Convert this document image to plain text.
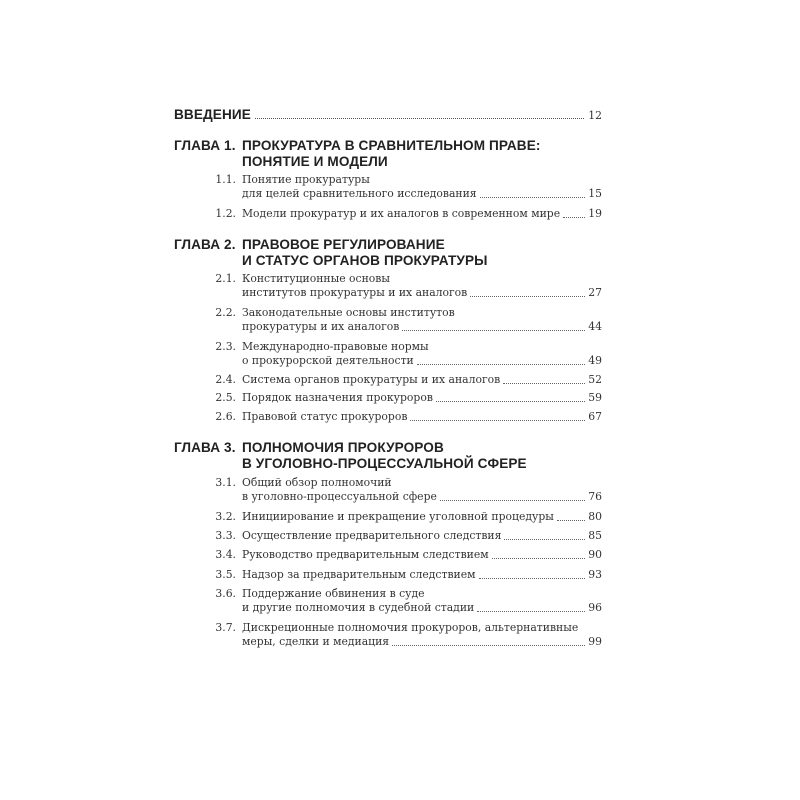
ВВЕДЕНИЕ	12
ГЛАВА 1. ПРОКУРАТУРА В СРАВНИТЕЛЬНОМ ПРАВЕ:
ПОНЯТИЕ И МОДЕЛИ
1.1. Понятие прокуратуры
для целей сравнительного исследования	15
1.2. Модели прокуратур и их аналогов в современном мире	19
ГЛАВА 2. ПРАВОВОЕ РЕГУЛИРОВАНИЕ
И СТАТУС ОРГАНОВ ПРОКУРАТУРЫ
2.1. Конституционные основы
институтов прокуратуры и их аналогов	27
2.2. Законодательные основы институтов
прокуратуры и их аналогов	44
2.3. Международно-правовые нормы
о прокурорской деятельности	49
2.4. Система органов прокуратуры и их аналогов	52
2.5. Порядок назначения прокуроров	59
2.6. Правовой статус прокуроров	67
ГЛАВА 3. ПОЛНОМОЧИЯ ПРОКУРОРОВ
В УГОЛОВНО-ПРОЦЕССУАЛЬНОЙ СФЕРЕ
3.1. Общий обзор полномочий
в уголовно-процессуальной сфере	76
3.2. Инициирование и прекращение уголовной процедуры	80
3.3. Осуществление предварительного следствия	85
3.4. Руководство предварительным следствием	90
3.5. Надзор за предварительным следствием	93
3.6. Поддержание обвинения в суде
и другие полномочия в судебной стадии	96
3.7. Дискреционные полномочия прокуроров, альтернативные
меры, сделки и медиация	99
